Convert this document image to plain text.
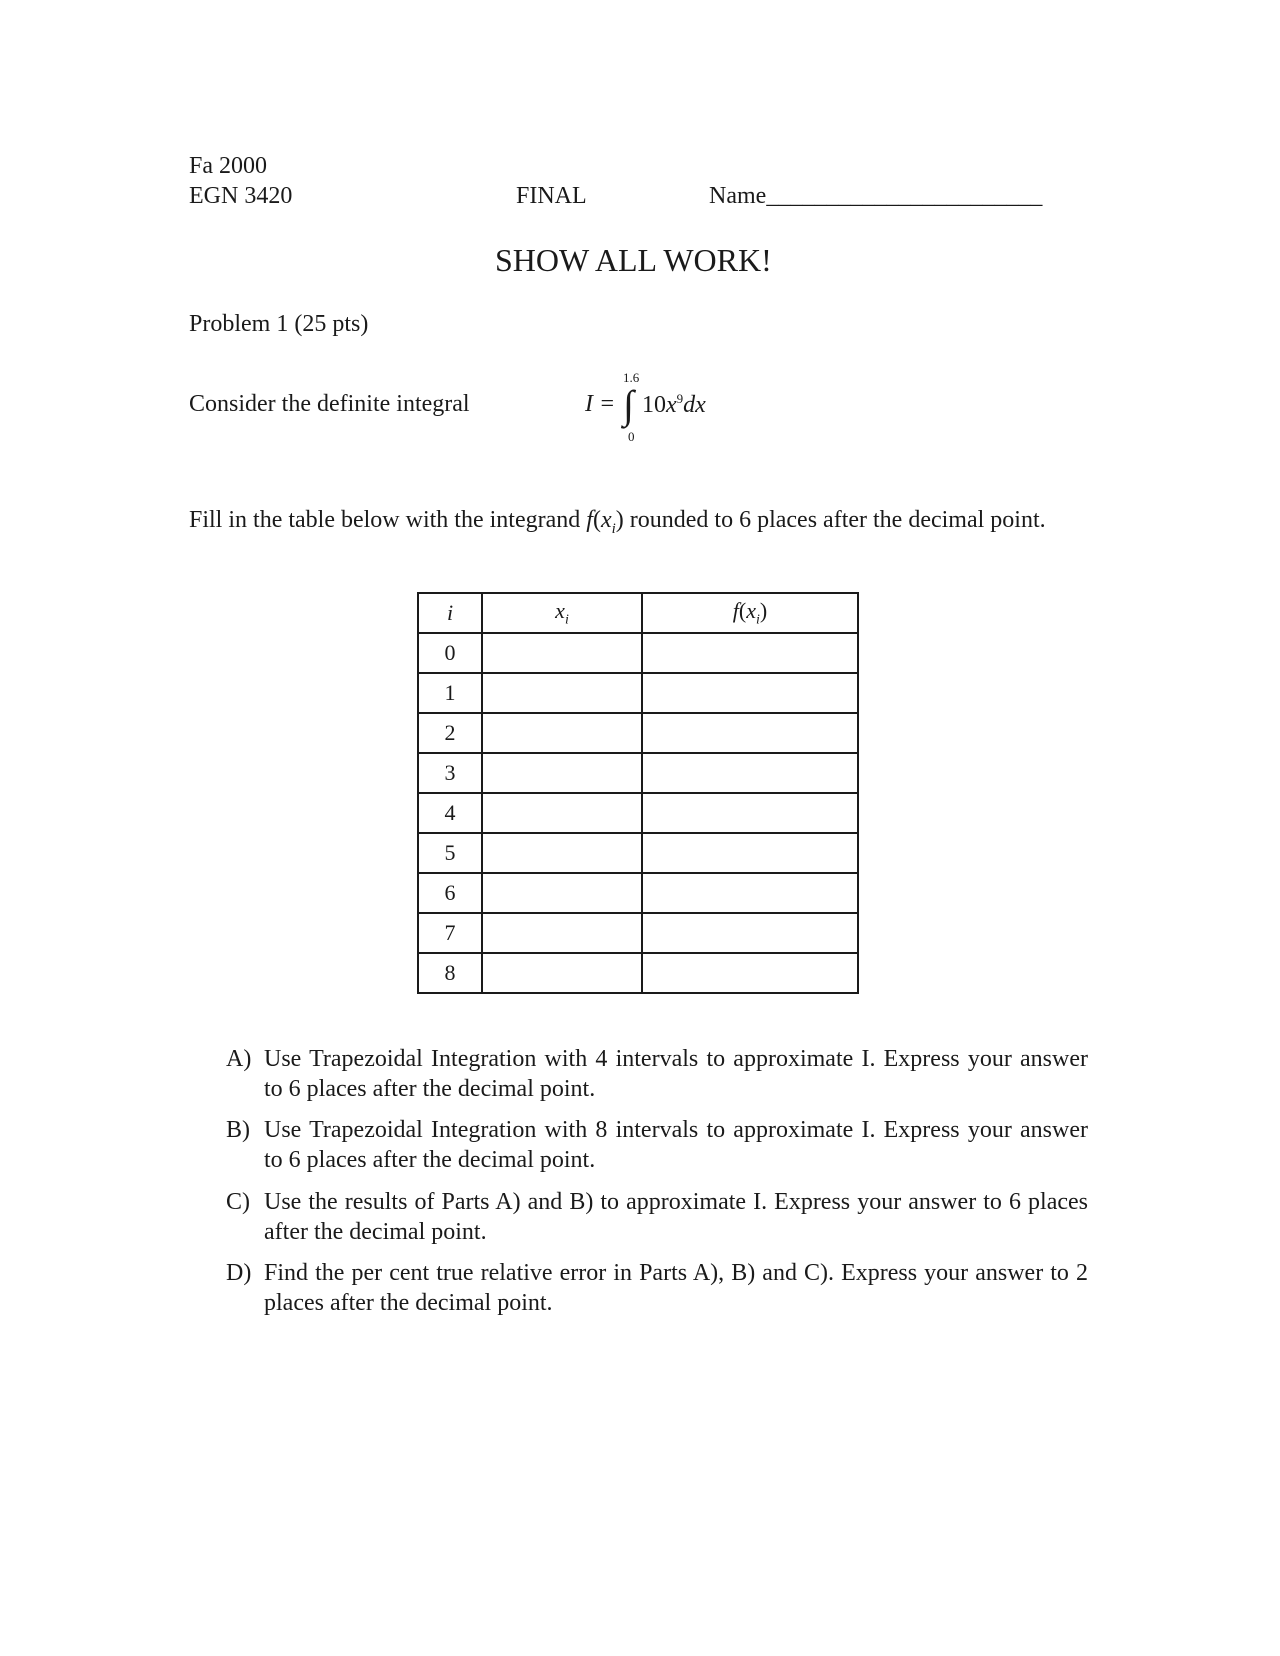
Fa 2000
EGN 3420	FINAL	Name_______________________
SHOW ALL WORK!
Problem 1 (25 pts)
Consider the definite integral
1.6
I = ∫ $10x^9dx$
0
Fill in the table below with the integrand $f(x_i)$ rounded to 6 places after the decimal point.
i	$x_i$	$f(x_i)$
0		
1		
2		
3		
4		
5		
6		
7		
8		
A) Use Trapezoidal Integration with 4 intervals to approximate I. Express your answer to 6 places after the decimal point.
B) Use Trapezoidal Integration with 8 intervals to approximate I. Express your answer to 6 places after the decimal point.
C) Use the results of Parts A) and B) to approximate I. Express your answer to 6 places after the decimal point.
D) Find the per cent true relative error in Parts A), B) and C). Express your answer to 2 places after the decimal point.
